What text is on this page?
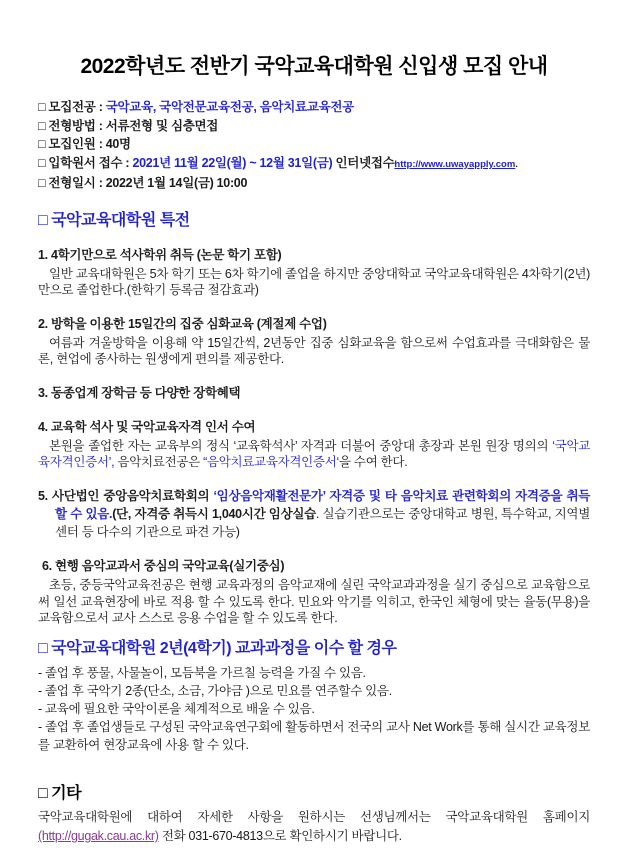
2022학년도 전반기 국악교육대학원 신입생 모집 안내
□ 모집전공 : 국악교육, 국악전문교육전공, 음악치료교육전공
□ 전형방법 : 서류전형 및 심층면접
□ 모집인원 : 40명
□ 입학원서 접수 : 2021년 11월 22일(월) ~ 12월 31일(금) 인터넷접수http://www.uwayapply.com.
□ 전형일시 : 2022년 1월 14일(금) 10:00
□ 국악교육대학원 특전

1. 4학기만으로 석사학위 취득 (논문 학기 포함)

일반 교육대학원은 5차 학기 또는 6차 학기에 졸업을 하지만 중앙대학교 국악교육대학원은 4차학기(2년)만으로 졸업한다.(한학기 등록금 절감효과)

2. 방학을 이용한 15일간의 집중 심화교육 (계절제 수업)

여름과 겨울방학을 이용해 약 15일간씩, 2년동안 집중 심화교육을 함으로써 수업효과를 극대화함은 물론, 현업에 종사하는 원생에게 편의를 제공한다.

3. 동종업계 장학금 등 다양한 장학혜택

4. 교육학 석사 및 국악교육자격 인서 수여

본원을 졸업한 자는 교육부의 정식 ‘교육학석사’ 자격과 더불어 중앙대 총장과 본원 원장 명의의 ‘국악교육자격인증서’, 음악치료전공은 “음악치료교육자격인증서‘을 수여 한다.

5. 사단법인 중앙음악치료학회의 ‘임상음악재활전문가’ 자격증 및 타 음악치료 관련학회의 자격증을 취득할 수 있음.(단, 자격증 취득시 1,040시간 임상실습. 실습기관으로는 중앙대학교 병원, 특수학교, 지역별 센터 등 다수의 기관으로 파견 가능)

6. 현행 음악교과서 중심의 국악교육(실기중심)

초등, 중등국악교육전공은 현행 교육과정의 음악교재에 실린 국악교과과정을 실기 중심으로 교육함으로써 일선 교육현장에 바로 적용 할 수 있도록 한다. 민요와 악기를 익히고, 한국인 체형에 맞는 율동(무용)을 교육함으로서 교사 스스로 응용 수업을 할 수 있도록 한다.

□ 국악교육대학원 2년(4학기) 교과과정을 이수 할 경우
- 졸업 후 풍물, 사물놀이, 모듬북을 가르칠 능력을 가질 수 있음.
- 졸업 후 국악기 2종(단소, 소금, 가야금 )으로 민요를 연주할수 있음.
- 교육에 필요한 국악이론을 체계적으로 배울 수 있음.
- 졸업 후 졸업생들로 구성된 국악교육연구회에 활동하면서 전국의 교사 Net Work를 통해 실시간 교육정보를 교환하여 현장교육에 사용 할 수 있다.
□ 기타

국악교육대학원에 대하여 자세한 사항을 원하시는 선생님께서는 국악교육대학원 홈페이지(http://gugak.cau.ac.kr) 전화 031-670-4813으로 확인하시기 바랍니다.
